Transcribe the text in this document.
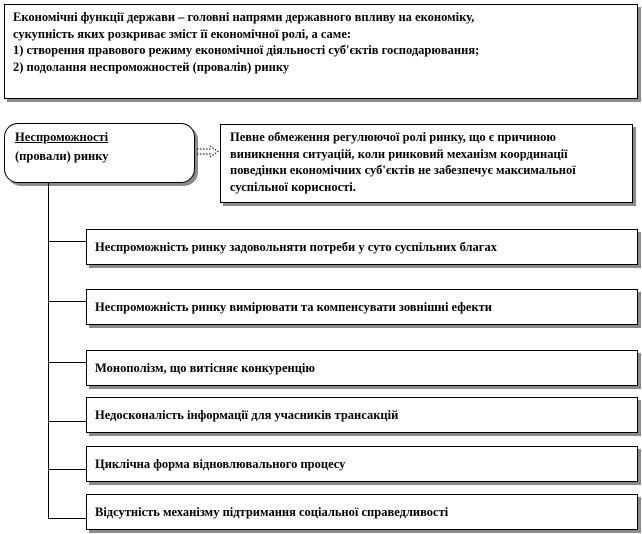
Економічні функції держави – головні напрями державного впливу на економіку,
сукупність яких розкриває зміст її економічної ролі, а саме:
1) створення правового режиму економічної діяльності суб'єктів господарювання;
2) подолання неспроможностей (провалів) ринку
Неспроможності
(провали) ринку
Певне обмеження регулюючої ролі ринку, що є причиною виникнення ситуацій, коли ринковий механізм координації поведінки економічних суб'єктів не забезпечує максимальної суспільної корисності.
Неспроможність ринку задовольняти потреби у суто суспільних благах
Неспроможність ринку вимірювати та компенсувати зовнішні ефекти
Монополізм, що витісняє конкуренцію
Недосконалість інформації для учасників трансакцій
Циклічна форма відновлювального процесу
Відсутність механізму підтримання соціальної справедливості
